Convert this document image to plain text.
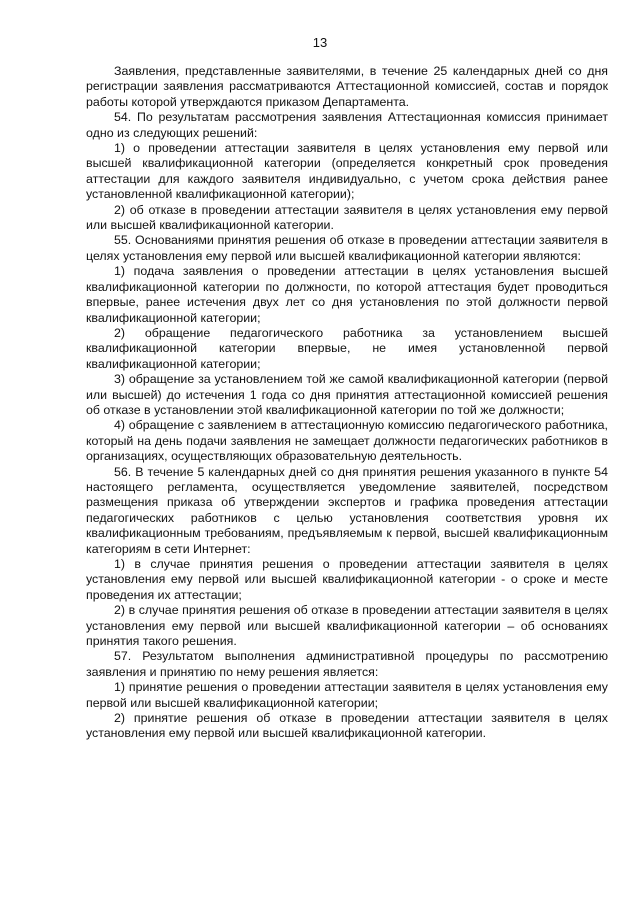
13

Заявления, представленные заявителями, в течение 25 календарных дней со дня регистрации заявления рассматриваются Аттестационной комиссией, состав и порядок работы которой утверждаются приказом Департамента.

54. По результатам рассмотрения заявления Аттестационная комиссия принимает одно из следующих решений:

1) о проведении аттестации заявителя в целях установления ему первой или высшей квалификационной категории (определяется конкретный срок проведения аттестации для каждого заявителя индивидуально, с учетом срока действия ранее установленной квалификационной категории);

2) об отказе в проведении аттестации заявителя в целях установления ему первой или высшей квалификационной категории.

55. Основаниями принятия решения об отказе в проведении аттестации заявителя в целях установления ему первой или высшей квалификационной категории являются:

1) подача заявления о проведении аттестации в целях установления высшей квалификационной категории по должности, по которой аттестация будет проводиться впервые, ранее истечения двух лет со дня установления по этой должности первой квалификационной категории;

2) обращение педагогического работника за установлением высшей квалификационной категории впервые, не имея установленной первой квалификационной категории;

3) обращение за установлением той же самой квалификационной категории (первой или высшей) до истечения 1 года со дня принятия аттестационной комиссией решения об отказе в установлении этой квалификационной категории по той же должности;

4) обращение с заявлением в аттестационную комиссию педагогического работника, который на день подачи заявления не замещает должности педагогических работников в организациях, осуществляющих образовательную деятельность.

56. В течение 5 календарных дней со дня принятия решения указанного в пункте 54 настоящего регламента, осуществляется уведомление заявителей, посредством размещения приказа об утверждении экспертов и графика проведения аттестации педагогических работников с целью установления соответствия уровня их квалификационным требованиям, предъявляемым к первой, высшей квалификационным категориям в сети Интернет:

1) в случае принятия решения о проведении аттестации заявителя в целях установления ему первой или высшей квалификационной категории - о сроке и месте проведения их аттестации;

2) в случае принятия решения об отказе в проведении аттестации заявителя в целях установления ему первой или высшей квалификационной категории – об основаниях принятия такого решения.

57. Результатом выполнения административной процедуры по рассмотрению заявления и принятию по нему решения является:

1) принятие решения о проведении аттестации заявителя в целях установления ему первой или высшей квалификационной категории;

2) принятие решения об отказе в проведении аттестации заявителя в целях установления ему первой или высшей квалификационной категории.
